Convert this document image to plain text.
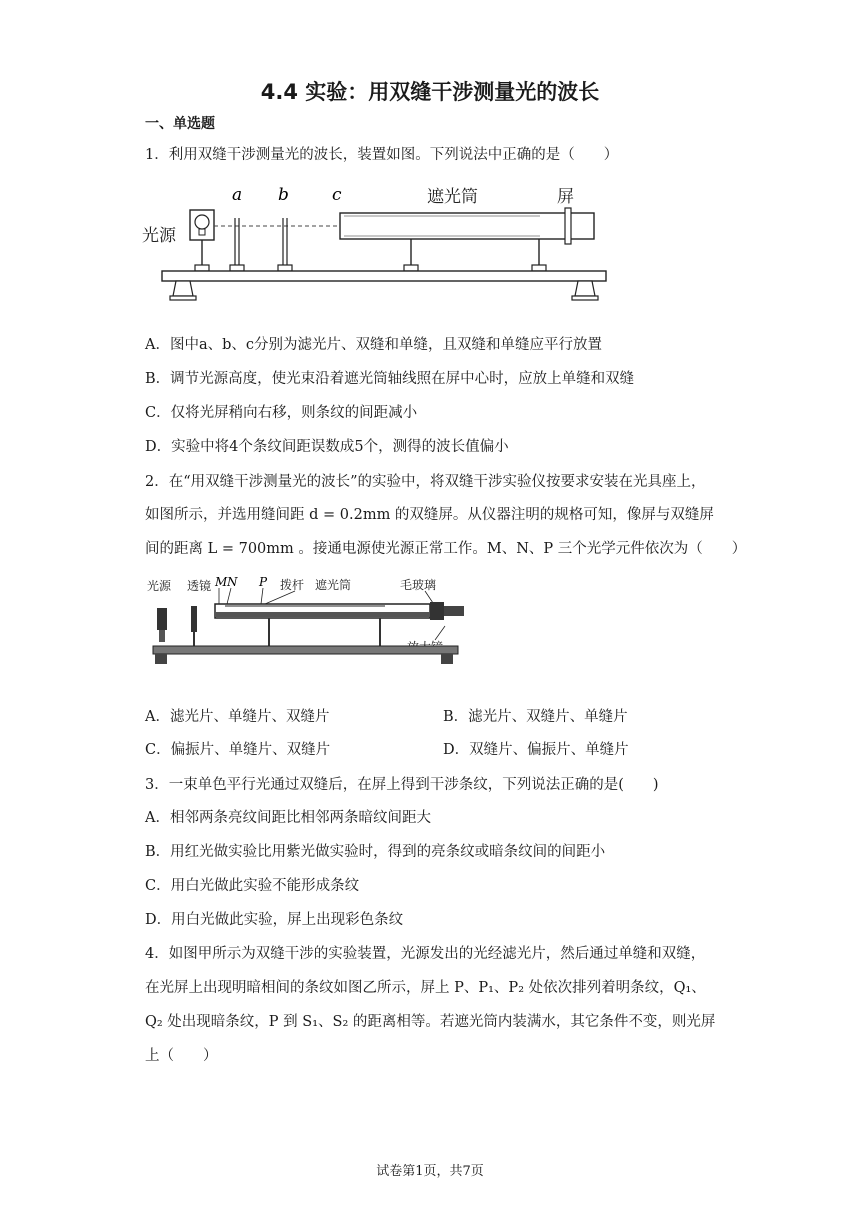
4.4 实验：用双缝干涉测量光的波长
一、单选题
1．利用双缝干涉测量光的波长，装置如图。下列说法中正确的是（　　）
光源
a b	c	遮光筒	屏
A．图中a、b、c分别为滤光片、双缝和单缝，且双缝和单缝应平行放置
B．调节光源高度，使光束沿着遮光筒轴线照在屏中心时，应放上单缝和双缝
C．仅将光屏稍向右移，则条纹的间距减小
D．实验中将4个条纹间距误数成5个，测得的波长值偏小
2．在“用双缝干涉测量光的波长”的实验中，将双缝干涉实验仪按要求安装在光具座上，
如图所示，并选用缝间距 d = 0.2mm 的双缝屏。从仪器注明的规格可知，像屏与双缝屏
间的距离 L = 700mm 。接通电源使光源正常工作。M、N、P 三个光学元件依次为（　　）
光源 透镜 M N P 拨杆 遮光筒	毛玻璃
A．滤光片、单缝片、双缝片	B．滤光片、双缝片、单缝片
C．偏振片、单缝片、双缝片	D．双缝片、偏振片、单缝片
3．一束单色平行光通过双缝后，在屏上得到干涉条纹，下列说法正确的是(　　)
A．相邻两条亮纹间距比相邻两条暗纹间距大
B．用红光做实验比用紫光做实验时，得到的亮条纹或暗条纹间的间距小
C．用白光做此实验不能形成条纹
D．用白光做此实验，屏上出现彩色条纹
4．如图甲所示为双缝干涉的实验装置，光源发出的光经滤光片，然后通过单缝和双缝，
在光屏上出现明暗相间的条纹如图乙所示，屏上 P、P₁、P₂ 处依次排列着明条纹，Q₁、
Q₂ 处出现暗条纹，P 到 S₁、S₂ 的距离相等。若遮光筒内装满水，其它条件不变，则光屏
上（　　）
试卷第1页，共7页
